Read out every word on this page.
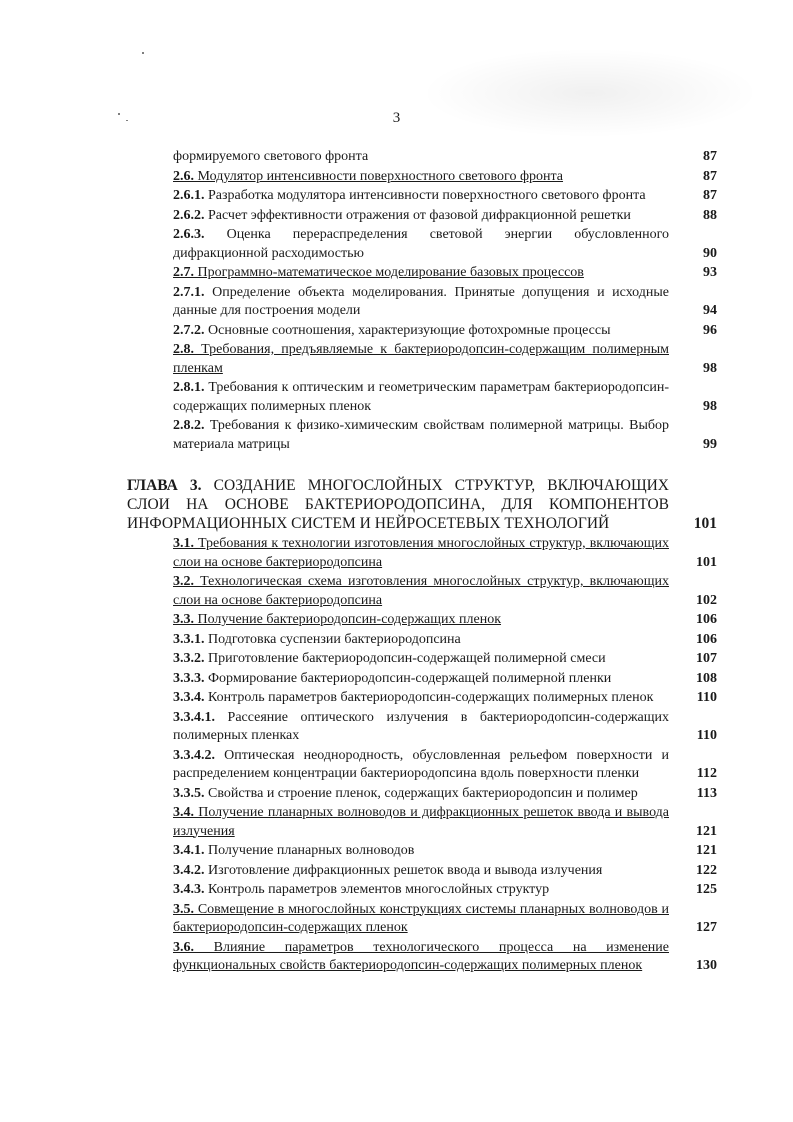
3
формируемого светового фронта	87
2.6. Модулятор интенсивности поверхностного светового фронта	87
2.6.1. Разработка модулятора интенсивности поверхностного светового фронта	87
2.6.2. Расчет эффективности отражения от фазовой дифракционной решетки	88
2.6.3. Оценка перераспределения световой энергии обусловленного дифракционной расходимостью	90
2.7. Программно-математическое моделирование базовых процессов	93
2.7.1. Определение объекта моделирования. Принятые допущения и исходные данные для построения модели	94
2.7.2. Основные соотношения, характеризующие фотохромные процессы	96
2.8. Требования, предъявляемые к бактериородопсин-содержащим полимерным пленкам	98
2.8.1. Требования к оптическим и геометрическим параметрам бактериородопсин-содержащих полимерных пленок	98
2.8.2. Требования к физико-химическим свойствам полимерной матрицы. Выбор материала матрицы	99
ГЛАВА 3. СОЗДАНИЕ МНОГОСЛОЙНЫХ СТРУКТУР, ВКЛЮЧАЮЩИХ СЛОИ НА ОСНОВЕ БАКТЕРИОРОДОПСИНА, ДЛЯ КОМПОНЕНТОВ ИНФОРМАЦИОННЫХ СИСТЕМ И НЕЙРОСЕТЕВЫХ ТЕХНОЛОГИЙ	101
3.1. Требования к технологии изготовления многослойных структур, включающих слои на основе бактериородопсина	101
3.2. Технологическая схема изготовления многослойных структур, включающих слои на основе бактериородопсина	102
3.3. Получение бактериородопсин-содержащих пленок	106
3.3.1. Подготовка суспензии бактериородопсина	106
3.3.2. Приготовление бактериородопсин-содержащей полимерной смеси	107
3.3.3. Формирование бактериородопсин-содержащей полимерной пленки	108
3.3.4. Контроль параметров бактериородопсин-содержащих полимерных пленок	110
3.3.4.1. Рассеяние оптического излучения в бактериородопсин-содержащих полимерных пленках	110
3.3.4.2. Оптическая неоднородность, обусловленная рельефом поверхности и распределением концентрации бактериородопсина вдоль поверхности пленки	112
3.3.5. Свойства и строение пленок, содержащих бактериородопсин и полимер	113
3.4. Получение планарных волноводов и дифракционных решеток ввода и вывода излучения	121
3.4.1. Получение планарных волноводов	121
3.4.2. Изготовление дифракционных решеток ввода и вывода излучения	122
3.4.3. Контроль параметров элементов многослойных структур	125
3.5. Совмещение в многослойных конструкциях системы планарных волноводов и бактериородопсин-содержащих пленок	127
3.6. Влияние параметров технологического процесса на изменение функциональных свойств бактериородопсин-содержащих полимерных пленок	130
